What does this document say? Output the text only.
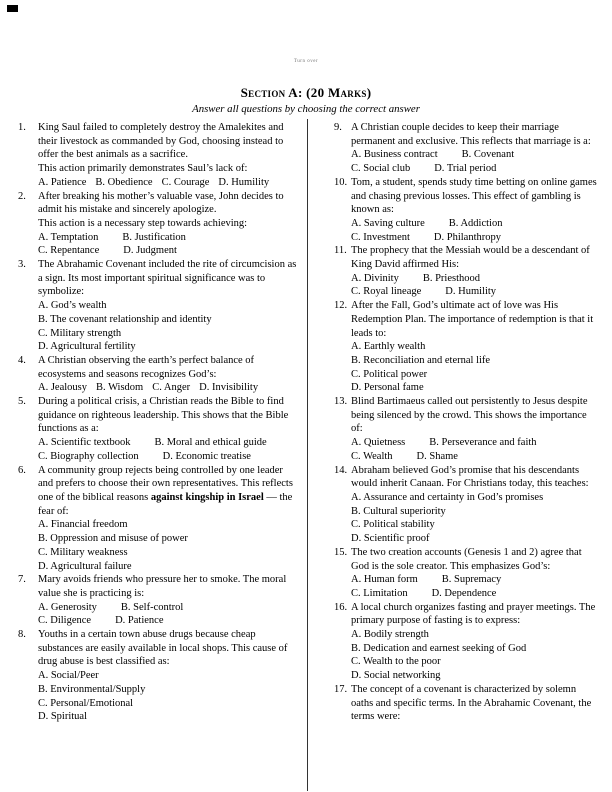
Turn over
Section A: (20 Marks)
Answer all questions by choosing the correct answer
1.	King Saul failed to completely destroy the Amalekites and their livestock as commanded by God, choosing instead to offer the best animals as a sacrifice.
This action primarily demonstrates Saul’s lack of:
A. Patience B. Obedience C. Courage D. Humility
2.	After breaking his mother’s valuable vase, John decides to admit his mistake and sincerely apologize.
This action is a necessary step towards achieving:
A. Temptation B. Justification
C. Repentance D. Judgment
3.	The Abrahamic Covenant included the rite of circumcision as a sign. Its most important spiritual significance was to symbolize:
A. God’s wealth
B. The covenant relationship and identity
C. Military strength
D. Agricultural fertility
4.	A Christian observing the earth’s perfect balance of ecosystems and seasons recognizes God’s:
A. Jealousy B. Wisdom C. Anger D. Invisibility
5.	During a political crisis, a Christian reads the Bible to find guidance on righteous leadership. This shows that the Bible functions as a:
A. Scientific textbook B. Moral and ethical guide
C. Biography collection D. Economic treatise
6.	A community group rejects being controlled by one leader and prefers to choose their own representatives. This reflects one of the biblical reasons against kingship in Israel — the fear of:
A. Financial freedom
B. Oppression and misuse of power
C. Military weakness
D. Agricultural failure
7.	Mary avoids friends who pressure her to smoke. The moral value she is practicing is:
A. Generosity B. Self-control
C. Diligence D. Patience
8.	Youths in a certain town abuse drugs because cheap substances are easily available in local shops. This cause of drug abuse is best classified as:
A. Social/Peer
B. Environmental/Supply
C. Personal/Emotional
D. Spiritual
9. A Christian couple decides to keep their marriage permanent and exclusive. This reflects that marriage is a:
A. Business contract B. Covenant
C. Social club D. Trial period
10. Tom, a student, spends study time betting on online games and chasing previous losses. This effect of gambling is known as:
A. Saving culture B. Addiction
C. Investment D. Philanthropy
11. The prophecy that the Messiah would be a descendant of King David affirmed His:
A. Divinity B. Priesthood
C. Royal lineage D. Humility
12. After the Fall, God’s ultimate act of love was His Redemption Plan. The importance of redemption is that it leads to:
A. Earthly wealth
B. Reconciliation and eternal life
C. Political power
D. Personal fame
13. Blind Bartimaeus called out persistently to Jesus despite being silenced by the crowd. This shows the importance of:
A. Quietness B. Perseverance and faith
C. Wealth D. Shame
14. Abraham believed God’s promise that his descendants would inherit Canaan. For Christians today, this teaches:
A. Assurance and certainty in God’s promises
B. Cultural superiority
C. Political stability
D. Scientific proof
15. The two creation accounts (Genesis 1 and 2) agree that God is the sole creator. This emphasizes God’s:
A. Human form B. Supremacy
C. Limitation D. Dependence
16. A local church organizes fasting and prayer meetings. The primary purpose of fasting is to express:
A. Bodily strength
B. Dedication and earnest seeking of God
C. Wealth to the poor
D. Social networking
17. The concept of a covenant is characterized by solemn oaths and specific terms. In the Abrahamic Covenant, the terms were:
